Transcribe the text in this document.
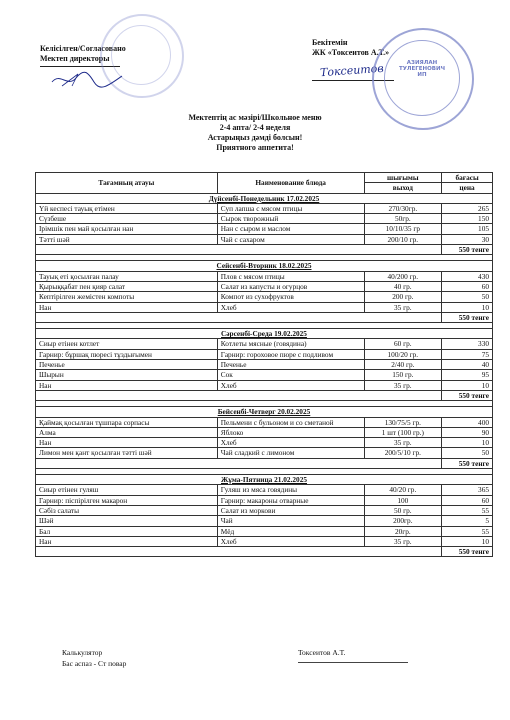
Келісілген/Согласовано
Мектеп директоры
Бекітемін
ЖК «Токсеитов А.Т.»
Токсеитов	АЗИЯЛАН
ТУЛЕГЕНОВИЧ
ИП
Мектептің ас мәзірі/Школьное меню
2-4 апта/ 2-4 неделя
Астарыңыз дәмді болсын!
Приятного аппетита!
Тағамның атауы	Наименование блюда	шығымы	бағасы
		выход	цена
Дүйсенбі-Понедельник 17.02.2025			
Үй кеспесі тауық етімен	Суп лапша с мясом птицы	270/30гр.	265
Сүзбеше	Сырок творожный	50гр.	150
Ірімшік пен май қосылған нан	Нан с сыром и маслом	10/10/35 гр	105
Тәтті шәй	Чай с сахаром	200/10 гр.	30
			550 тенге

Сейсенбі-Вторник 18.02.2025			
Тауық еті қосылған палау	Плов с мясом птицы	40/200 гр.	430
Қырыққабат пен қияр салат	Салат из капусты и огурцов	40 гр.	60
Кептірілген жемістен компоты	Компот из сухофруктов	200 гр.	50
Нан	Хлеб	35 гр.	10
			550 тенге

Сәрсенбі-Среда 19.02.2025			
Сиыр етінен котлет	Котлеты мясные (говядина)	60 гр.	330
Гарнир: бұршақ пюресі тұздығымен	Гарнир: гороховое пюре с подливом	100/20 гр.	75
Печенье	Печенье	2/40 гр.	40
Шырын	Сок	150 гр.	95
Нан	Хлеб	35 гр.	10
			550 тенге

Бейсенбі-Четверг 20.02.2025			
Қаймақ қосылған тұшпара сорпасы	Пельмени с бульоном и со сметаной	130/75/5 гр.	400
Алма	Яблоко	1 шт (100 гр.)	90
Нан	Хлеб	35 гр.	10
Лимон мен қант қосылған тәтті шәй	Чай сладкий с лимоном	200/5/10 гр.	50
			550 тенге

Жұма-Пятница 21.02.2025			
Сиыр етінен гуляш	Гуляш из мяса говядины	40/20 гр.	365
Гарнир: піспірілген макарон	Гарнир: макароны отварные	100	60
Сәбіз салаты	Салат из моркови	50 гр.	55
Шәй	Чай	200гр.	5
Бал	Мёд	20гр.	55
Нан	Хлеб	35 гр.	10
			550 тенге
Калькулятор
Бас аспаз - Ст повар
Токсеитов А.Т.
